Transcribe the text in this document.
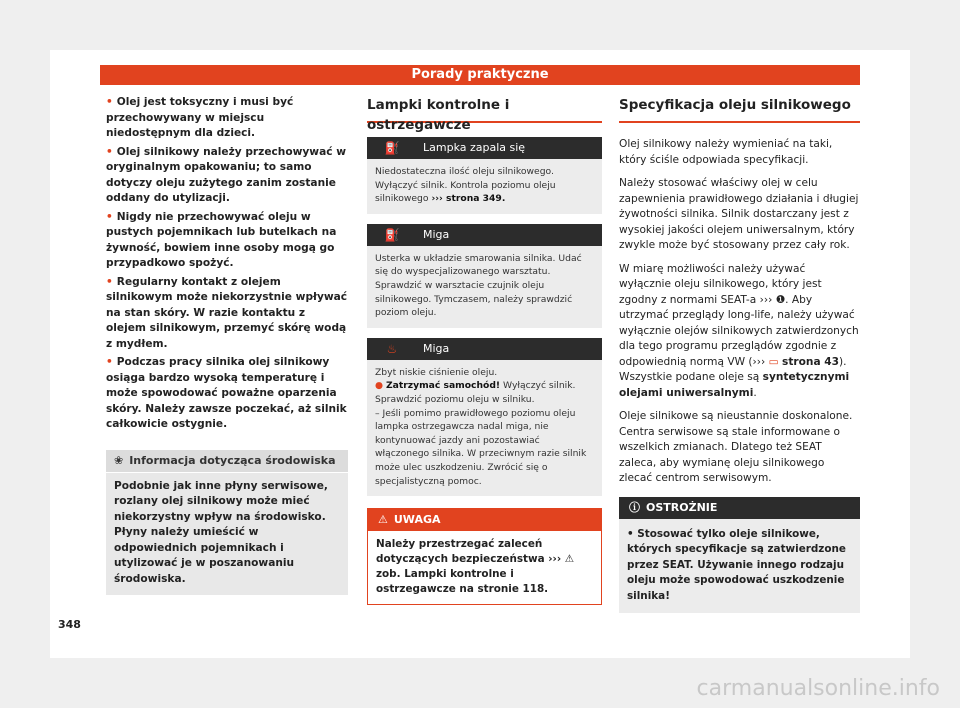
Porady praktyczne
• Olej jest toksyczny i musi być przechowywany w miejscu niedostępnym dla dzieci.
• Olej silnikowy należy przechowywać w oryginalnym opakowaniu; to samo dotyczy oleju zużytego zanim zostanie oddany do utylizacji.
• Nigdy nie przechowywać oleju w pustych pojemnikach lub butelkach na żywność, bowiem inne osoby mogą go przypadkowo spożyć.
• Regularny kontakt z olejem silnikowym może niekorzystnie wpływać na stan skóry. W razie kontaktu z olejem silnikowym, przemyć skórę wodą z mydłem.
• Podczas pracy silnika olej silnikowy osiąga bardzo wysoką temperaturę i może spowodować poważne oparzenia skóry. Należy zawsze poczekać, aż silnik całkowicie ostygnie.
❀ Informacja dotycząca środowiska
Podobnie jak inne płyny serwisowe, rozlany olej silnikowy może mieć niekorzystny wpływ na środowisko. Płyny należy umieścić w odpowiednich pojemnikach i utylizować je w poszanowaniu środowiska.
Lampki kontrolne i ostrzegawcze
⛽	Lampka zapala się
Niedostateczna ilość oleju silnikowego. Wyłączyć silnik. Kontrola poziomu oleju silnikowego ››› strona 349.
⛽	Miga
Usterka w układzie smarowania silnika. Udać się do wyspecjalizowanego warsztatu. Sprawdzić w warsztacie czujnik oleju silnikowego. Tymczasem, należy sprawdzić poziom oleju.
♨	Miga
Zbyt niskie ciśnienie oleju.
● Zatrzymać samochód! Wyłączyć silnik. Sprawdzić poziomu oleju w silniku.
– Jeśli pomimo prawidłowego poziomu oleju lampka ostrzegawcza nadal miga, nie kontynuować jazdy ani pozostawiać włączonego silnika. W przeciwnym razie silnik może ulec uszkodzeniu. Zwrócić się o specjalistyczną pomoc.
⚠ UWAGA
Należy przestrzegać zaleceń dotyczących bezpieczeństwa ››› ⚠ zob. Lampki kontrolne i ostrzegawcze na stronie 118.
Specyfikacja oleju silnikowego

Olej silnikowy należy wymieniać na taki, który ściśle odpowiada specyfikacji.

Należy stosować właściwy olej w celu zapewnienia prawidłowego działania i długiej żywotności silnika. Silnik dostarczany jest z wysokiej jakości olejem uniwersalnym, który zwykle może być stosowany przez cały rok.

W miarę możliwości należy używać wyłącznie oleju silnikowego, który jest zgodny z normami SEAT-a ››› ❶. Aby utrzymać przeglądy long-life, należy używać wyłącznie olejów silnikowych zatwierdzonych dla tego programu przeglądów zgodnie z odpowiednią normą VW (››› ▭ strona 43). Wszystkie podane oleje są syntetycznymi olejami uniwersalnymi.

Oleje silnikowe są nieustannie doskonalone. Centra serwisowe są stale informowane o wszelkich zmianach. Dlatego też SEAT zaleca, aby wymianę oleju silnikowego zlecać centrom serwisowym.

ⓘ OSTROŻNIE
• Stosować tylko oleje silnikowe, których specyfikacje są zatwierdzone przez SEAT. Używanie innego rodzaju oleju może spowodować uszkodzenie silnika!
348
carmanualsonline.info
